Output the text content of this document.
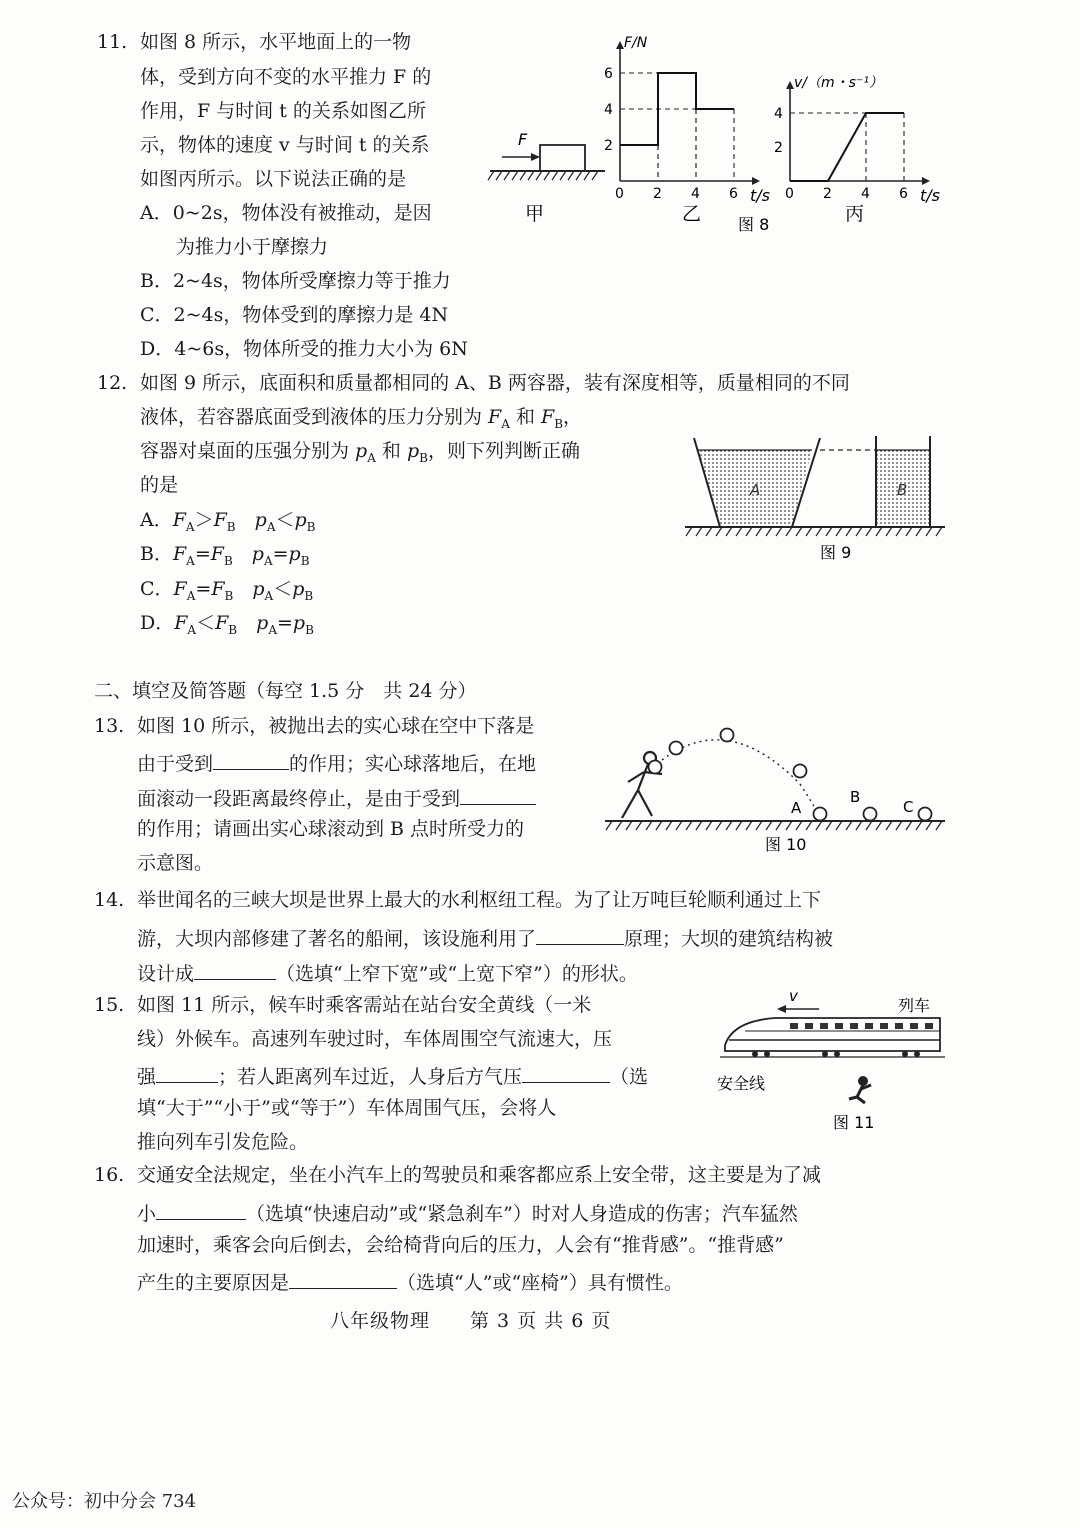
11. 如图 8 所示，水平地面上的一物
体，受到方向不变的水平推力 F 的
作用，F 与时间 t 的关系如图乙所
示，物体的速度 v 与时间 t 的关系
如图丙所示。以下说法正确的是
A．0~2s，物体没有被推动，是因
为推力小于摩擦力
B．2~4s，物体所受摩擦力等于推力
C．2~4s，物体受到的摩擦力是 4N
D．4~6s，物体所受的推力大小为 6N
F
甲
0 2 4 6
2
4
6
F/N
t/s
乙
0 2 4 6
2
4
v/（m・s⁻¹）
t/s
丙
图 8
12. 如图 9 所示，底面积和质量都相同的 A、B 两容器，装有深度相等，质量相同的不同
液体，若容器底面受到液体的压力分别为 $F_A$ 和 $F_B$，
容器对桌面的压强分别为 $p_A$ 和 $p_B$，则下列判断正确
的是
A．$F_A>F_B$　 $p_A<p_B$
B．$F_A=F_B$　 $p_A=p_B$
C．$F_A=F_B$　 $p_A<p_B$
D．$F_A<F_B$　 $p_A=p_B$
A	B
图 9
二、填空及简答题（每空 1.5 分　共 24 分）
13. 如图 10 所示，被抛出去的实心球在空中下落是
由于受到	的作用；实心球落地后，在地
面滚动一段距离最终停止，是由于受到
的作用；请画出实心球滚动到 B 点时所受力的
示意图。
A
B
C
图 10
14. 举世闻名的三峡大坝是世界上最大的水利枢纽工程。为了让万吨巨轮顺利通过上下
游，大坝内部修建了著名的船闸，该设施利用了	原理；大坝的建筑结构被
设计成	（选填“上窄下宽”或“上宽下窄”）的形状。
15. 如图 11 所示，候车时乘客需站在站台安全黄线（一米
线）外候车。高速列车驶过时，车体周围空气流速大，压
强	；若人距离列车过近，人身后方气压	（选
填“大于”“小于”或“等于”）车体周围气压，会将人
推向列车引发危险。
v	列车
安全线
图 11
16. 交通安全法规定，坐在小汽车上的驾驶员和乘客都应系上安全带，这主要是为了减
小	（选填“快速启动”或“紧急刹车”）时对人身造成的伤害；汽车猛然
加速时，乘客会向后倒去，会给椅背向后的压力，人会有“推背感”。“推背感”
产生的主要原因是	（选填“人”或“座椅”）具有惯性。
八年级物理　　第 3 页 共 6 页
公众号：初中分会 734
